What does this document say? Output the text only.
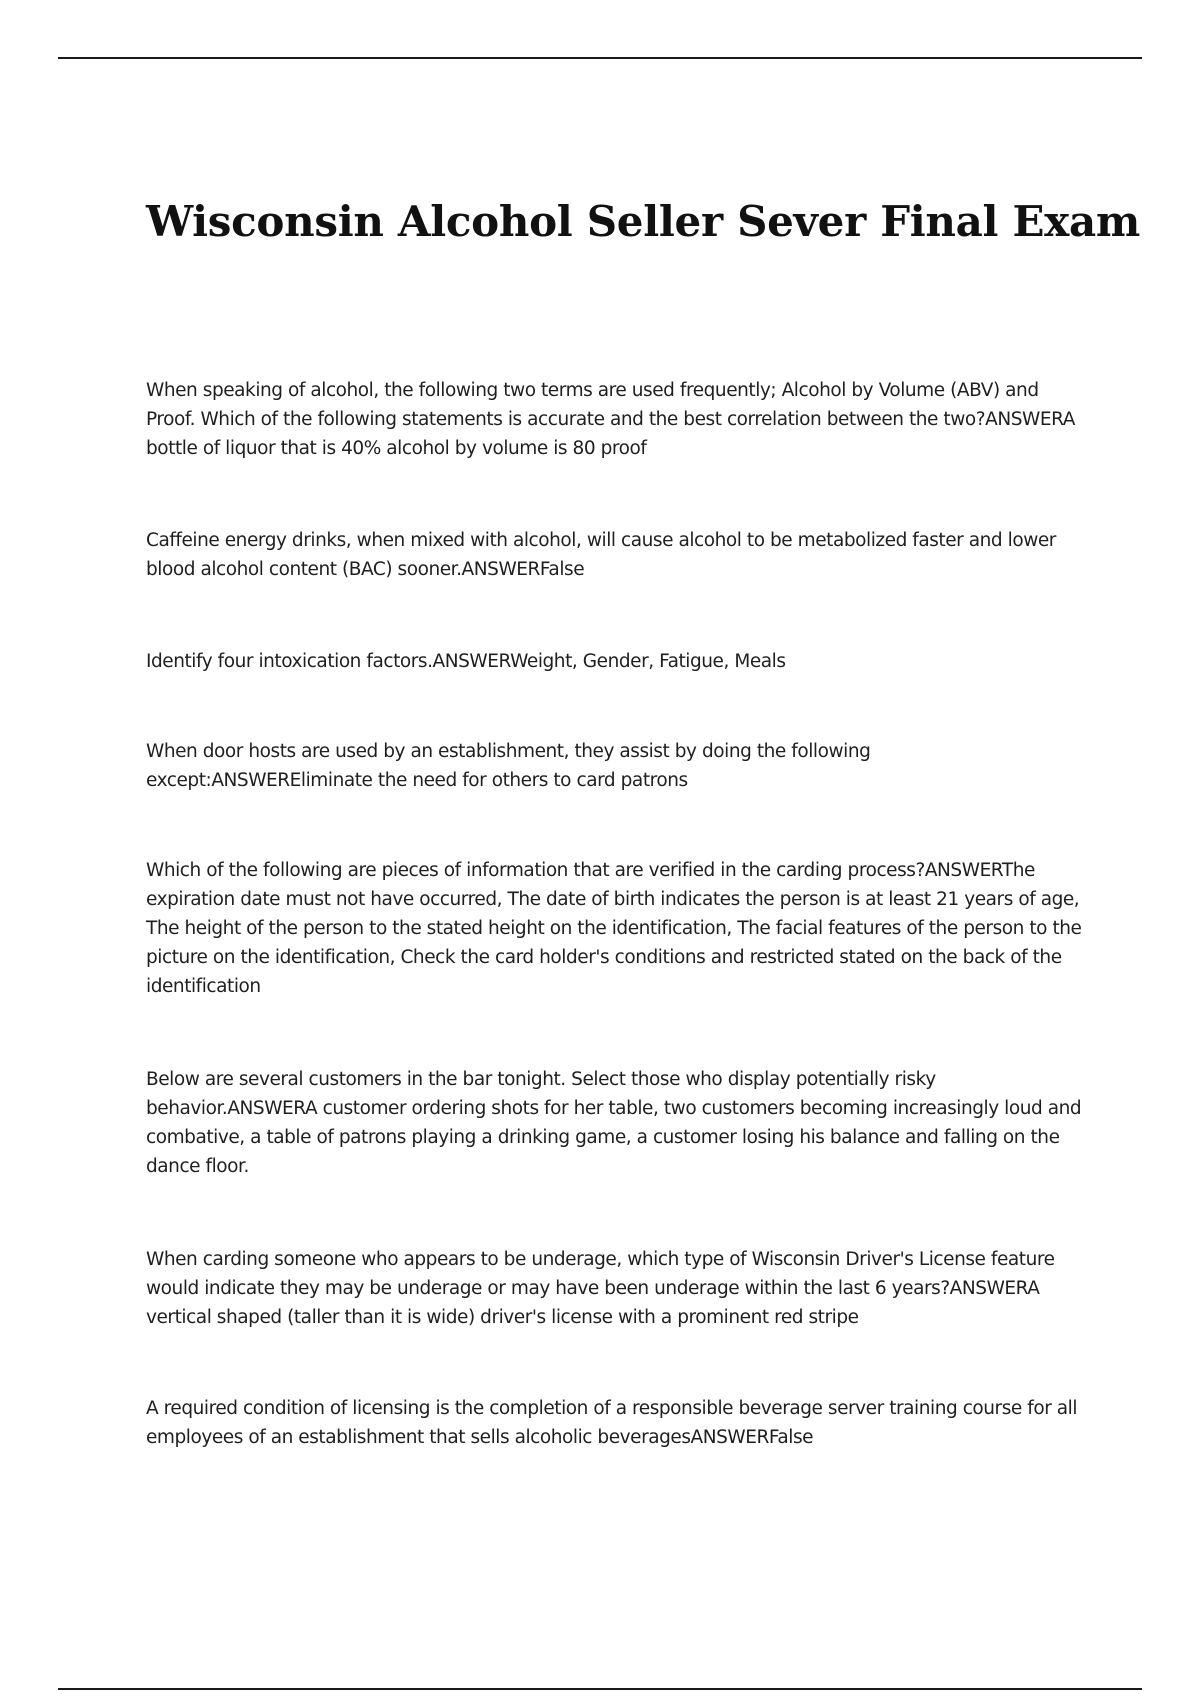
Wisconsin Alcohol Seller Sever Final Exam

When speaking of alcohol, the following two terms are used frequently; Alcohol by Volume (ABV) and Proof. Which of the following statements is accurate and the best correlation between the two?ANSWERA bottle of liquor that is 40% alcohol by volume is 80 proof

Caffeine energy drinks, when mixed with alcohol, will cause alcohol to be metabolized faster and lower blood alcohol content (BAC) sooner.ANSWERFalse

Identify four intoxication factors.ANSWERWeight, Gender, Fatigue, Meals

When door hosts are used by an establishment, they assist by doing the following except:ANSWEREliminate the need for others to card patrons

Which of the following are pieces of information that are verified in the carding process?ANSWERThe expiration date must not have occurred, The date of birth indicates the person is at least 21 years of age, The height of the person to the stated height on the identification, The facial features of the person to the picture on the identification, Check the card holder's conditions and restricted stated on the back of the identification

Below are several customers in the bar tonight. Select those who display potentially risky behavior.ANSWERA customer ordering shots for her table, two customers becoming increasingly loud and combative, a table of patrons playing a drinking game, a customer losing his balance and falling on the dance floor.

When carding someone who appears to be underage, which type of Wisconsin Driver's License feature would indicate they may be underage or may have been underage within the last 6 years?ANSWERA vertical shaped (taller than it is wide) driver's license with a prominent red stripe

A required condition of licensing is the completion of a responsible beverage server training course for all employees of an establishment that sells alcoholic beveragesANSWERFalse
